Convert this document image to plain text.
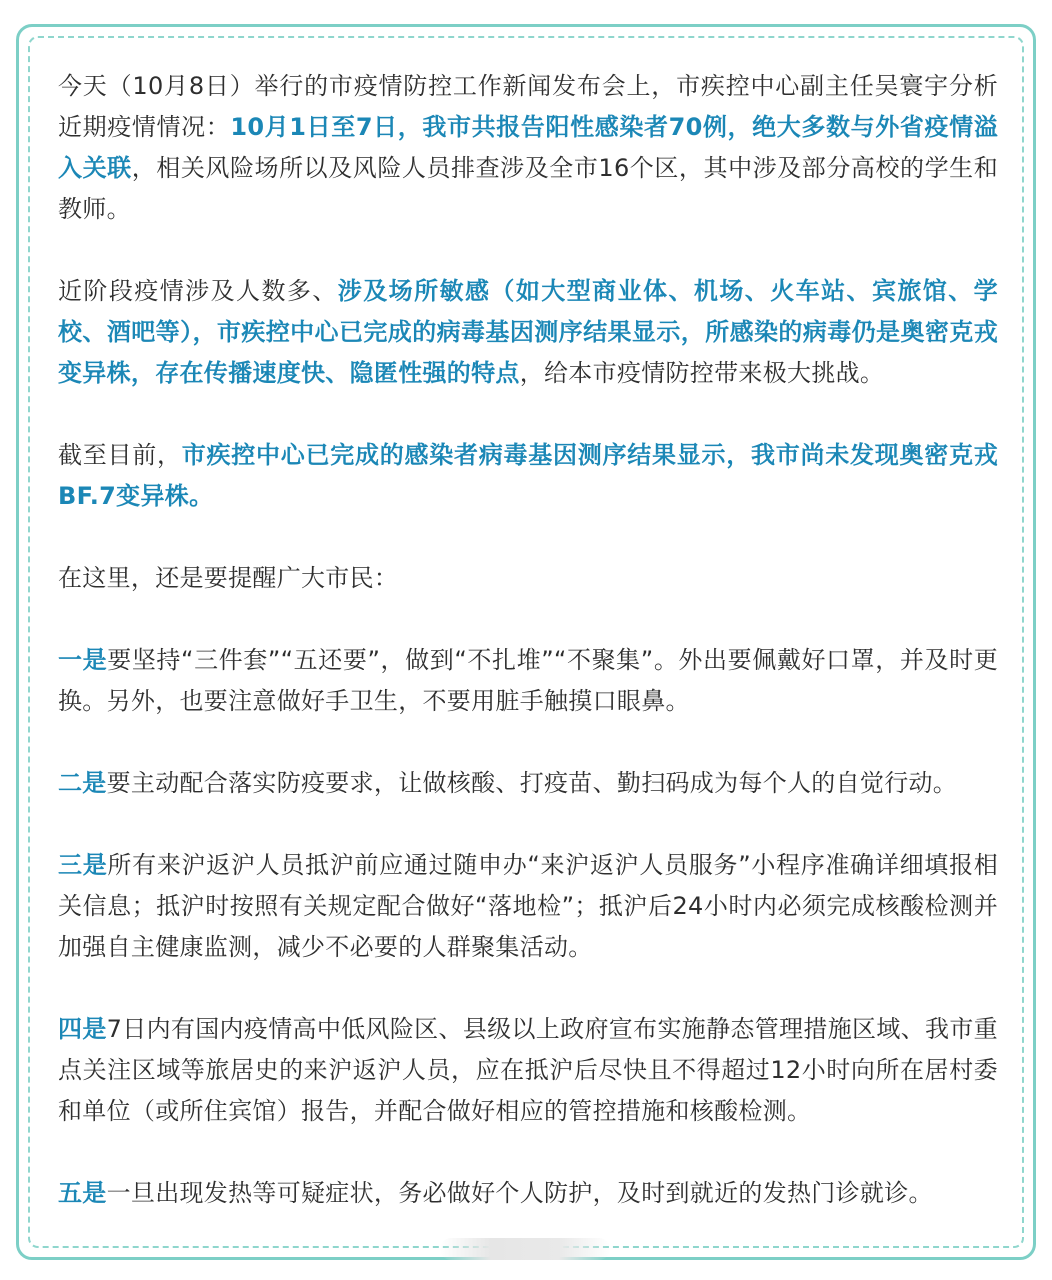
今天（10月8日）举行的市疫情防控工作新闻发布会上，市疾控中心副主任吴寰宇分析近期疫情情况：10月1日至7日，我市共报告阳性感染者70例，绝大多数与外省疫情溢入关联，相关风险场所以及风险人员排查涉及全市16个区，其中涉及部分高校的学生和教师。

近阶段疫情涉及人数多、涉及场所敏感（如大型商业体、机场、火车站、宾旅馆、学校、酒吧等），市疾控中心已完成的病毒基因测序结果显示，所感染的病毒仍是奥密克戎变异株，存在传播速度快、隐匿性强的特点，给本市疫情防控带来极大挑战。

截至目前，市疾控中心已完成的感染者病毒基因测序结果显示，我市尚未发现奥密克戎BF.7变异株。

在这里，还是要提醒广大市民：

一是要坚持“三件套”“五还要”，做到“不扎堆”“不聚集”。外出要佩戴好口罩，并及时更换。另外，也要注意做好手卫生，不要用脏手触摸口眼鼻。

二是要主动配合落实防疫要求，让做核酸、打疫苗、勤扫码成为每个人的自觉行动。

三是所有来沪返沪人员抵沪前应通过随申办“来沪返沪人员服务”小程序准确详细填报相关信息；抵沪时按照有关规定配合做好“落地检”；抵沪后24小时内必须完成核酸检测并加强自主健康监测，减少不必要的人群聚集活动。

四是7日内有国内疫情高中低风险区、县级以上政府宣布实施静态管理措施区域、我市重点关注区域等旅居史的来沪返沪人员，应在抵沪后尽快且不得超过12小时向所在居村委和单位（或所住宾馆）报告，并配合做好相应的管控措施和核酸检测。

五是一旦出现发热等可疑症状，务必做好个人防护，及时到就近的发热门诊就诊。
